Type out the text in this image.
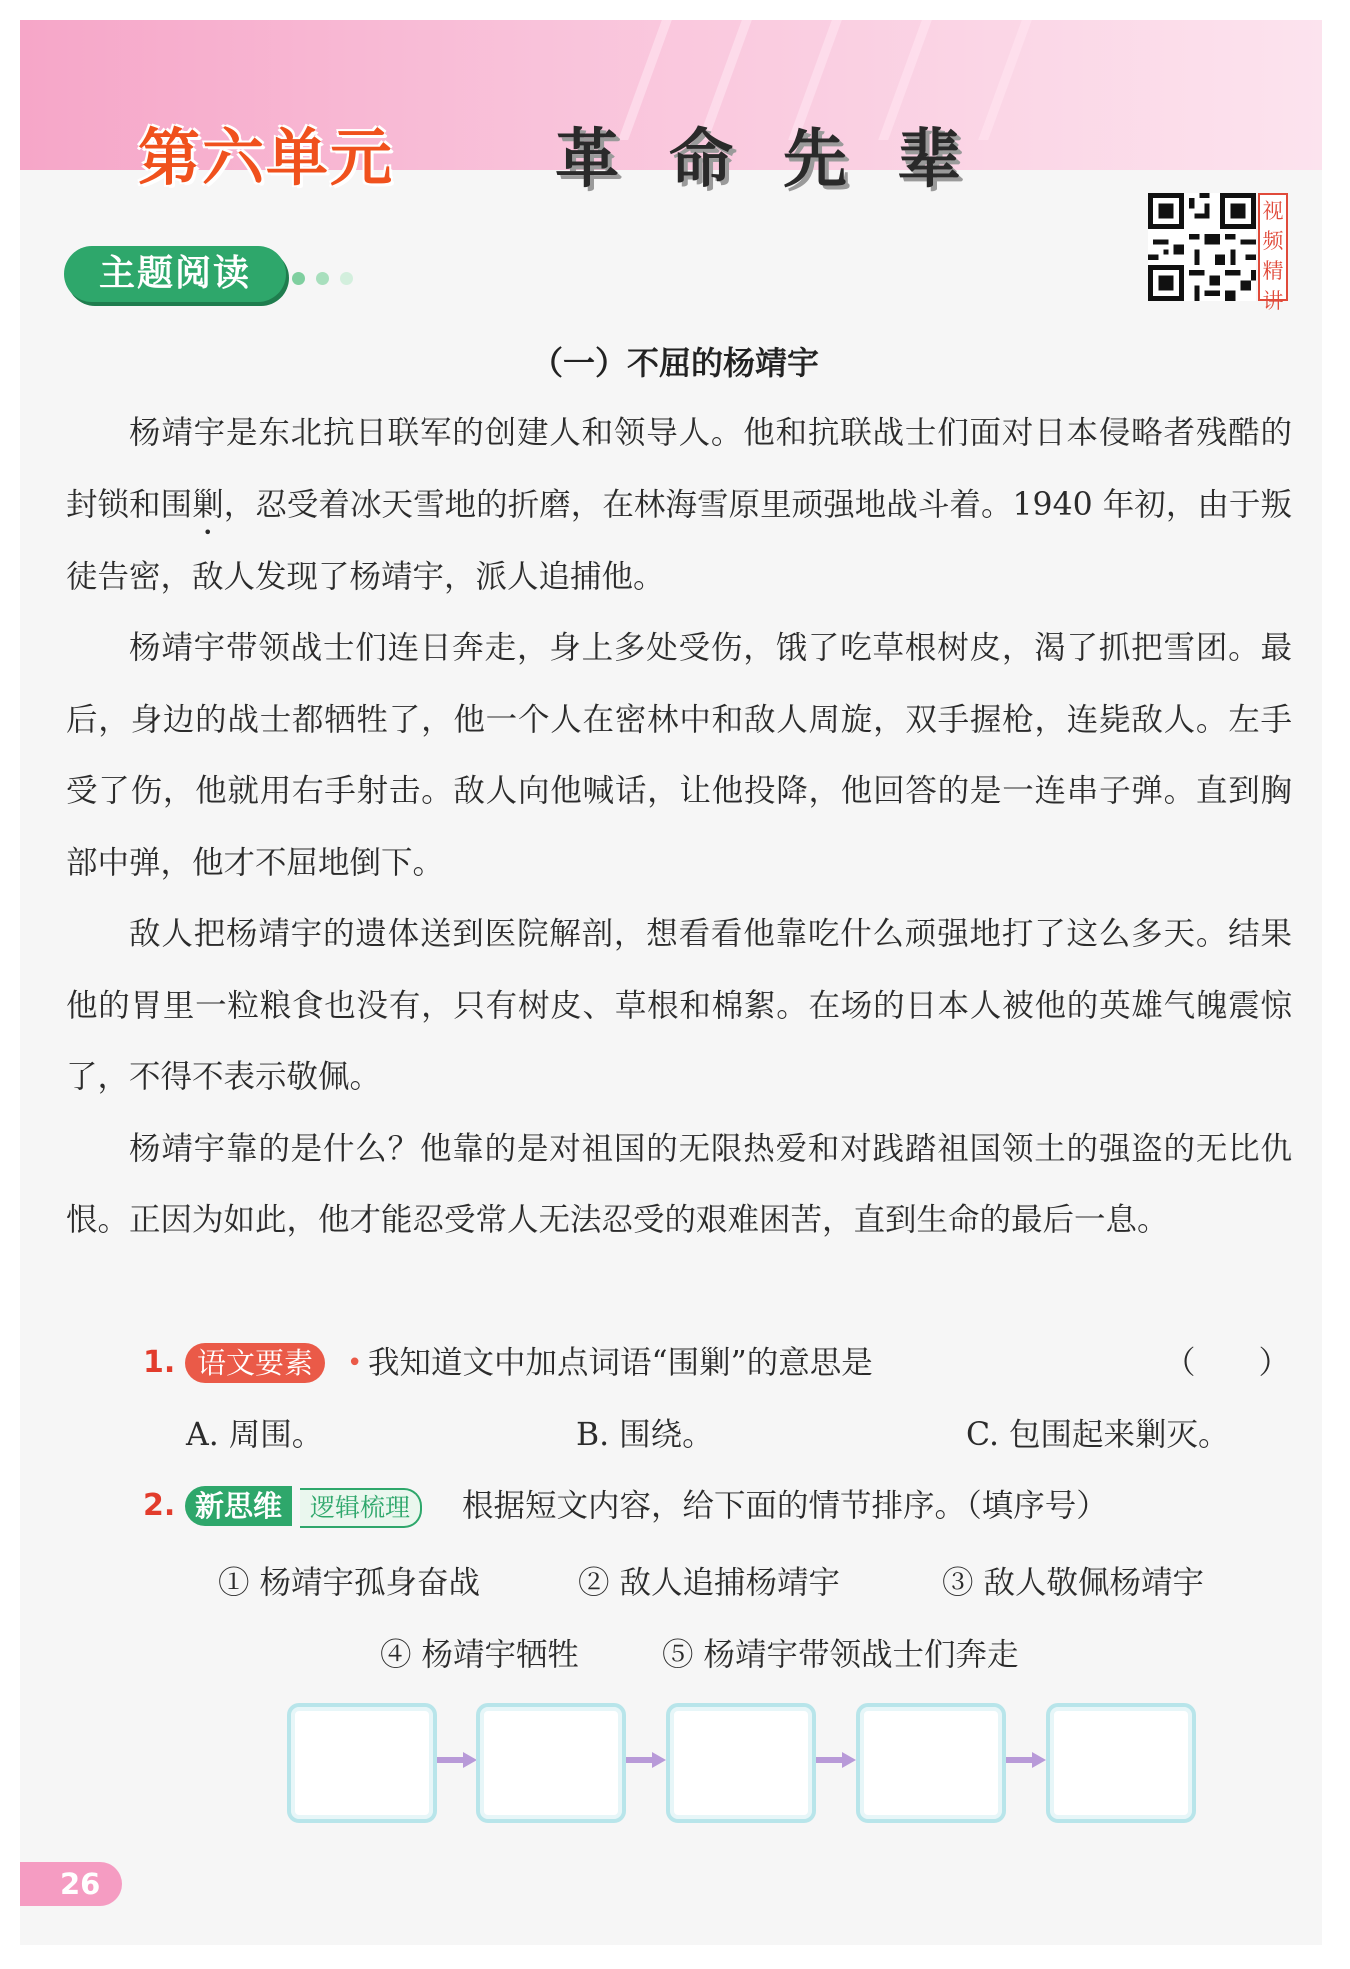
第六单元	革命先辈
视
频
精
讲
主题阅读
（一）不屈的杨靖宇

杨靖宇是东北抗日联军的创建人和领导人。他和抗联战士们面对日本侵略者残酷的封锁和围剿，忍受着冰天雪地的折磨，在林海雪原里顽强地战斗着。1940 年初，由于叛徒告密，敌人发现了杨靖宇，派人追捕他。

杨靖宇带领战士们连日奔走，身上多处受伤，饿了吃草根树皮，渴了抓把雪团。最后，身边的战士都牺牲了，他一个人在密林中和敌人周旋，双手握枪，连毙敌人。左手受了伤，他就用右手射击。敌人向他喊话，让他投降，他回答的是一连串子弹。直到胸部中弹，他才不屈地倒下。

敌人把杨靖宇的遗体送到医院解剖，想看看他靠吃什么顽强地打了这么多天。结果他的胃里一粒粮食也没有，只有树皮、草根和棉絮。在场的日本人被他的英雄气魄震惊了，不得不表示敬佩。

杨靖宇靠的是什么？他靠的是对祖国的无限热爱和对践踏祖国领土的强盗的无比仇恨。正因为如此，他才能忍受常人无法忍受的艰难困苦，直到生命的最后一息。

1. 语文要素	• 我知道文中加点词语“围剿”的意思是	（　　）
A. 周围。	B. 围绕。	C. 包围起来剿灭。
2. 新思维	逻辑梳理	根据短文内容，给下面的情节排序。（填序号）
① 杨靖宇孤身奋战	② 敌人追捕杨靖宇	③ 敌人敬佩杨靖宇
④ 杨靖宇牺牲	⑤ 杨靖宇带领战士们奔走
26
